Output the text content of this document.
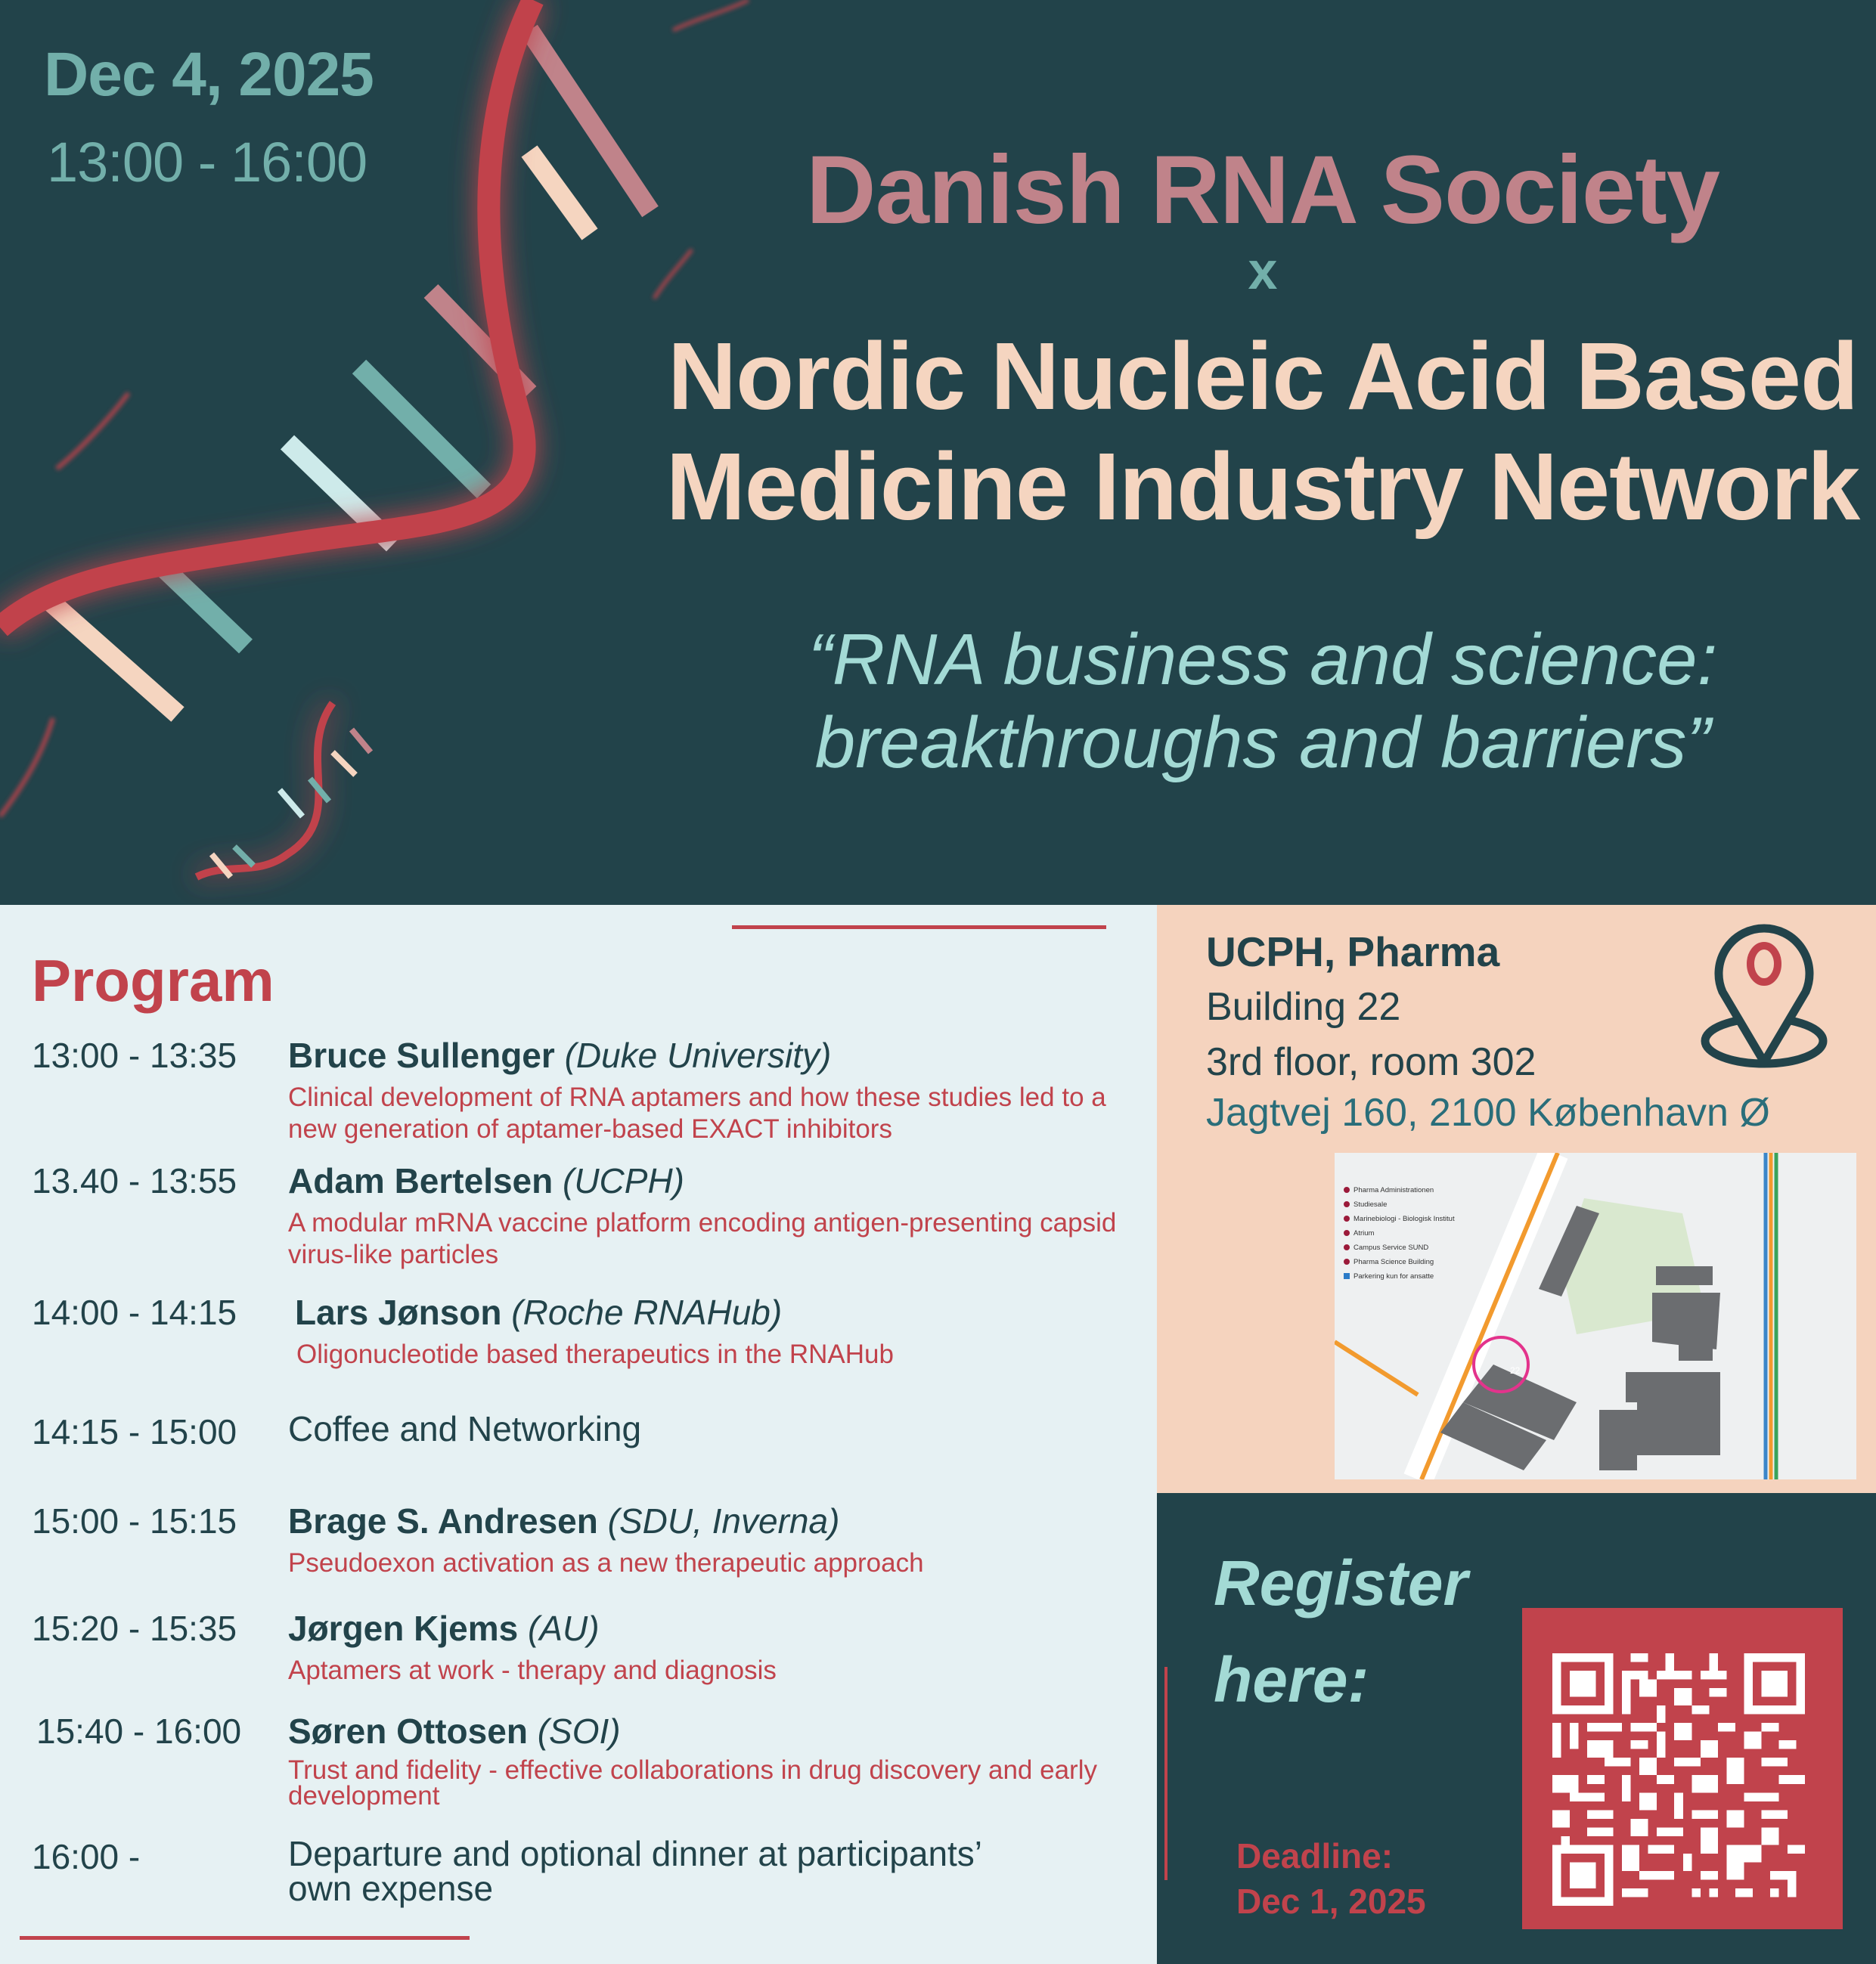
Dec 4, 2025
13:00 - 16:00	Danish RNA Society
x
Nordic Nucleic Acid Based
Medicine Industry Network
“RNA business and science:
breakthroughs and barriers”
Program
13:00 - 13:35 Bruce Sullenger (Duke University)
Clinical development of RNA aptamers and how these studies led to a new generation of aptamer-based EXACT inhibitors
13.40 - 13:55 Adam Bertelsen (UCPH)
A modular mRNA vaccine platform encoding antigen-presenting capsid virus-like particles
14:00 - 14:15 Lars Jønson (Roche RNAHub)
Oligonucleotide based therapeutics in the RNAHub
14:15 - 15:00 Coffee and Networking
15:00 - 15:15 Brage S. Andresen (SDU, Inverna)
Pseudoexon activation as a new therapeutic approach
15:20 - 15:35 Jørgen Kjems (AU)
Aptamers at work - therapy and diagnosis
15:40 - 16:00 Søren Ottosen (SOI)
Trust and fidelity - effective collaborations in drug discovery and early development
16:00 -	Departure and optional dinner at participants’ own expense
UCPH, Pharma
Building 22
3rd floor, room 302
Jagtvej 160, 2100 København Ø
22
Pharma Administrationen
Studiesale
Marinebiologi - Biologisk Institut
Atrium
Campus Service SUND
Pharma Science Building
Parkering kun for ansatte
Register
here:
Deadline:
Dec 1, 2025
